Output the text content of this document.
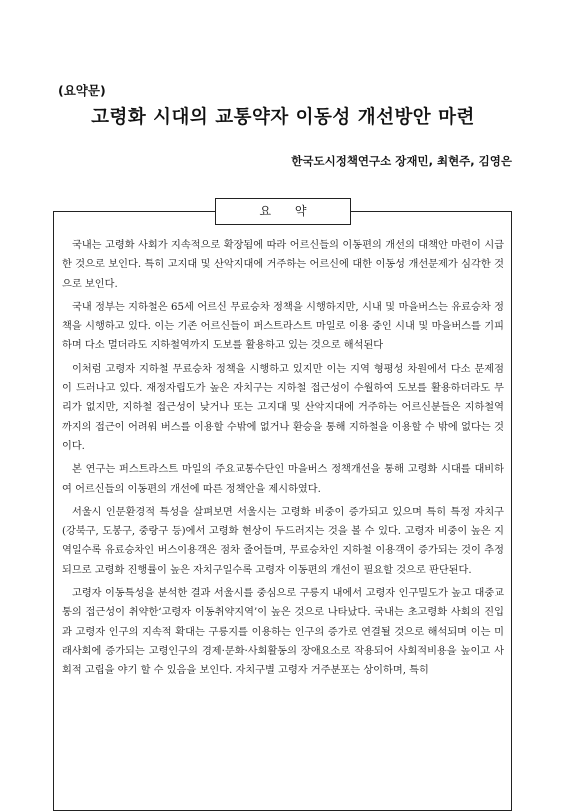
(요약문)
고령화 시대의 교통약자 이동성 개선방안 마련
한국도시정책연구소 장재민, 최현주, 김영은
요 약

국내는 고령화 사회가 지속적으로 확장됨에 따라 어르신들의 이동편의 개선의 대책안 마련이 시급한 것으로 보인다. 특히 고지대 및 산악지대에 거주하는 어르신에 대한 이동성 개선문제가 심각한 것으로 보인다.

국내 정부는 지하철은 65세 어르신 무료승차 정책을 시행하지만, 시내 및 마을버스는 유료승차 정책을 시행하고 있다. 이는 기존 어르신들이 퍼스트라스트 마일로 이용 중인 시내 및 마을버스를 기피하며 다소 멀더라도 지하철역까지 도보를 활용하고 있는 것으로 해석된다

이처럼 고령자 지하철 무료승차 정책을 시행하고 있지만 이는 지역 형평성 차원에서 다소 문제점이 드러나고 있다. 재정자립도가 높은 자치구는 지하철 접근성이 수월하여 도보를 활용하더라도 무리가 없지만, 지하철 접근성이 낮거나 또는 고지대 및 산악지대에 거주하는 어르신분들은 지하철역 까지의 접근이 어려워 버스를 이용할 수밖에 없거나 환승을 통해 지하철을 이용할 수 밖에 없다는 것이다.

본 연구는 퍼스트라스트 마일의 주요교통수단인 마을버스 정책개선을 통해 고령화 시대를 대비하여 어르신들의 이동편의 개선에 따른 정책안을 제시하였다.

서울시 인문환경적 특성을 살펴보면 서울시는 고령화 비중이 증가되고 있으며 특히 특정 자치구(강북구, 도봉구, 중랑구 등)에서 고령화 현상이 두드러지는 것을 볼 수 있다. 고령자 비중이 높은 지역일수록 유료승차인 버스이용객은 점차 줄어들며, 무료승차인 지하철 이용객이 증가되는 것이 추정되므로 고령화 진행률이 높은 자치구일수록 고령자 이동편의 개선이 필요할 것으로 판단된다.

고령자 이동특성을 분석한 결과 서울시를 중심으로 구릉지 내에서 고령자 인구밀도가 높고 대중교통의 접근성이 취약한‘고령자 이동취약지역’이 높은 것으로 나타났다. 국내는 초고령화 사회의 진입과 고령자 인구의 지속적 확대는 구릉지를 이용하는 인구의 증가로 연결될 것으로 해석되며 이는 미래사회에 증가되는 고령인구의 경제·문화·사회활동의 장애요소로 작용되어 사회적비용을 높이고 사회적 고립을 야기 할 수 있음을 보인다. 자치구별 고령자 거주분포는 상이하며, 특히
